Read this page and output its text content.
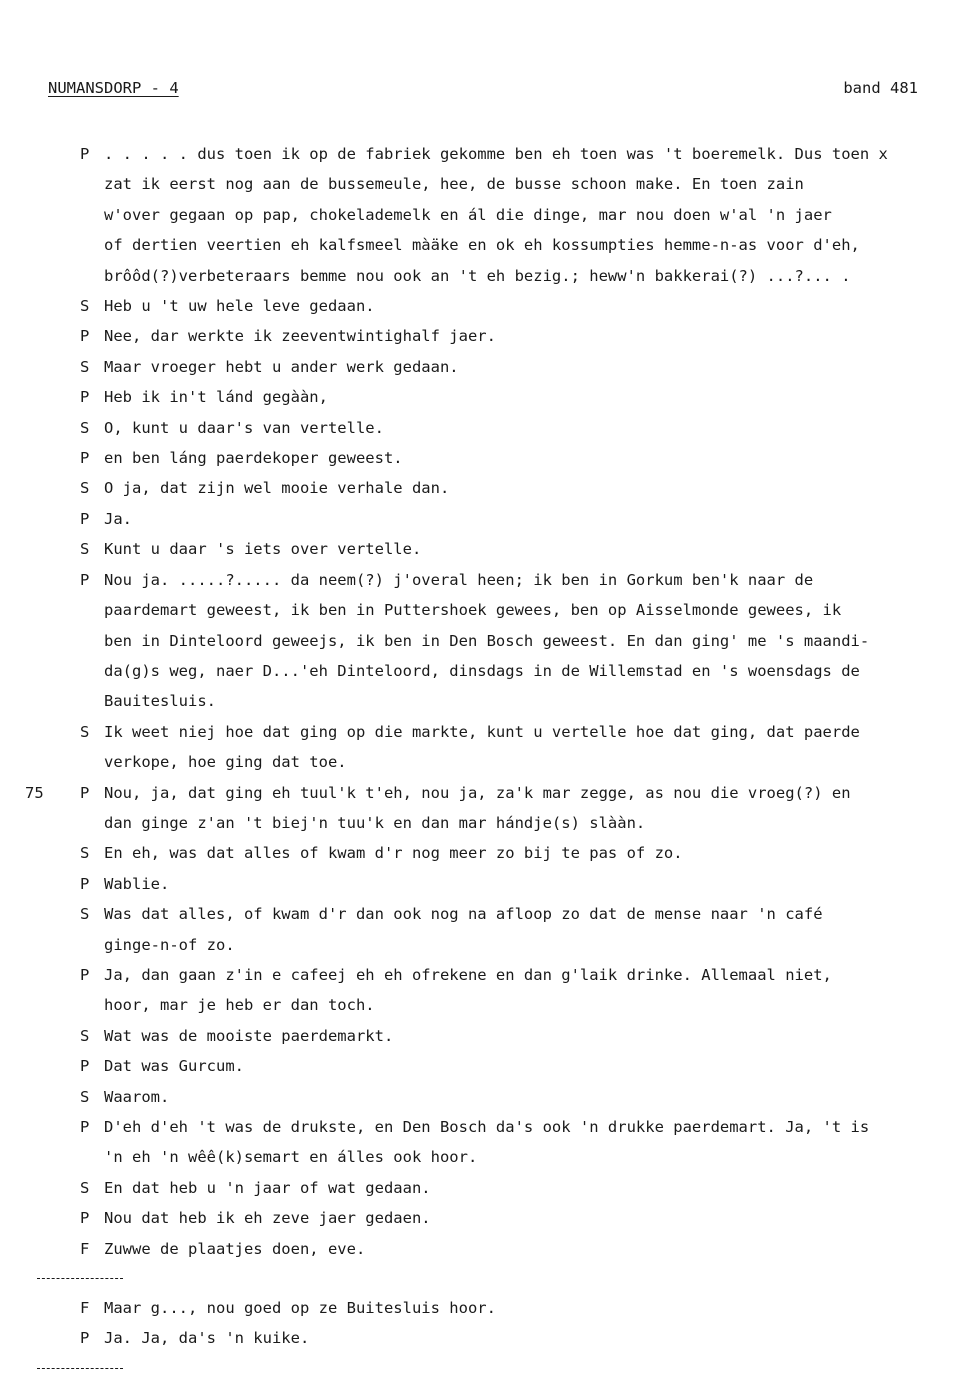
NUMANSDORP - 4	band 481
P . . . . . dus toen ik op de fabriek gekomme ben eh toen was 't boeremelk. Dus toen x
zat ik eerst nog aan de bussemeule, hee, de busse schoon make. En toen zain
w'over gegaan op pap, chokelademelk en ál die dinge, mar nou doen w'al 'n jaer
of dertien veertien eh kalfsmeel màäke en ok eh kossumpties hemme-n-as voor d'eh,
brôôd(?)verbeteraars bemme nou ook an 't eh bezig.; heww'n bakkerai(?) ...?... .
S Heb u 't uw hele leve gedaan.
P Nee, dar werkte ik zeeventwintighalf jaer.
S Maar vroeger hebt u ander werk gedaan.
P Heb ik in't lánd gegààn,
S O, kunt u daar's van vertelle.
P en ben láng paerdekoper geweest.
S O ja, dat zijn wel mooie verhale dan.
P Ja.
S Kunt u daar 's iets over vertelle.
P Nou ja. .....?..... da neem(?) j'overal heen; ik ben in Gorkum ben'k naar de
paardemart geweest, ik ben in Puttershoek gewees, ben op Aisselmonde gewees, ik
ben in Dinteloord geweejs, ik ben in Den Bosch geweest. En dan ging' me 's maandi-
da(g)s weg, naer D...'eh Dinteloord, dinsdags in de Willemstad en 's woensdags de
Bauitesluis.
S Ik weet niej hoe dat ging op die markte, kunt u vertelle hoe dat ging, dat paerde
verkope, hoe ging dat toe.
75 P Nou, ja, dat ging eh tuul'k t'eh, nou ja, za'k mar zegge, as nou die vroeg(?) en
dan ginge z'an 't biej'n tuu'k en dan mar hándje(s) slààn.
S En eh, was dat alles of kwam d'r nog meer zo bij te pas of zo.
P Wablie.
S Was dat alles, of kwam d'r dan ook nog na afloop zo dat de mense naar 'n café
ginge-n-of zo.
P Ja, dan gaan z'in e cafeej eh eh ofrekene en dan g'laik drinke. Allemaal niet,
hoor, mar je heb er dan toch.
S Wat was de mooiste paerdemarkt.
P Dat was Gurcum.
S Waarom.
P D'eh d'eh 't was de drukste, en Den Bosch da's ook 'n drukke paerdemart. Ja, 't is
'n eh 'n wêê(k)semart en álles ook hoor.
S En dat heb u 'n jaar of wat gedaan.
P Nou dat heb ik eh zeve jaer gedaen.
F Zuwwe de plaatjes doen, eve.
F Maar g..., nou goed op ze Buitesluis hoor.
P Ja. Ja, da's 'n kuike.
